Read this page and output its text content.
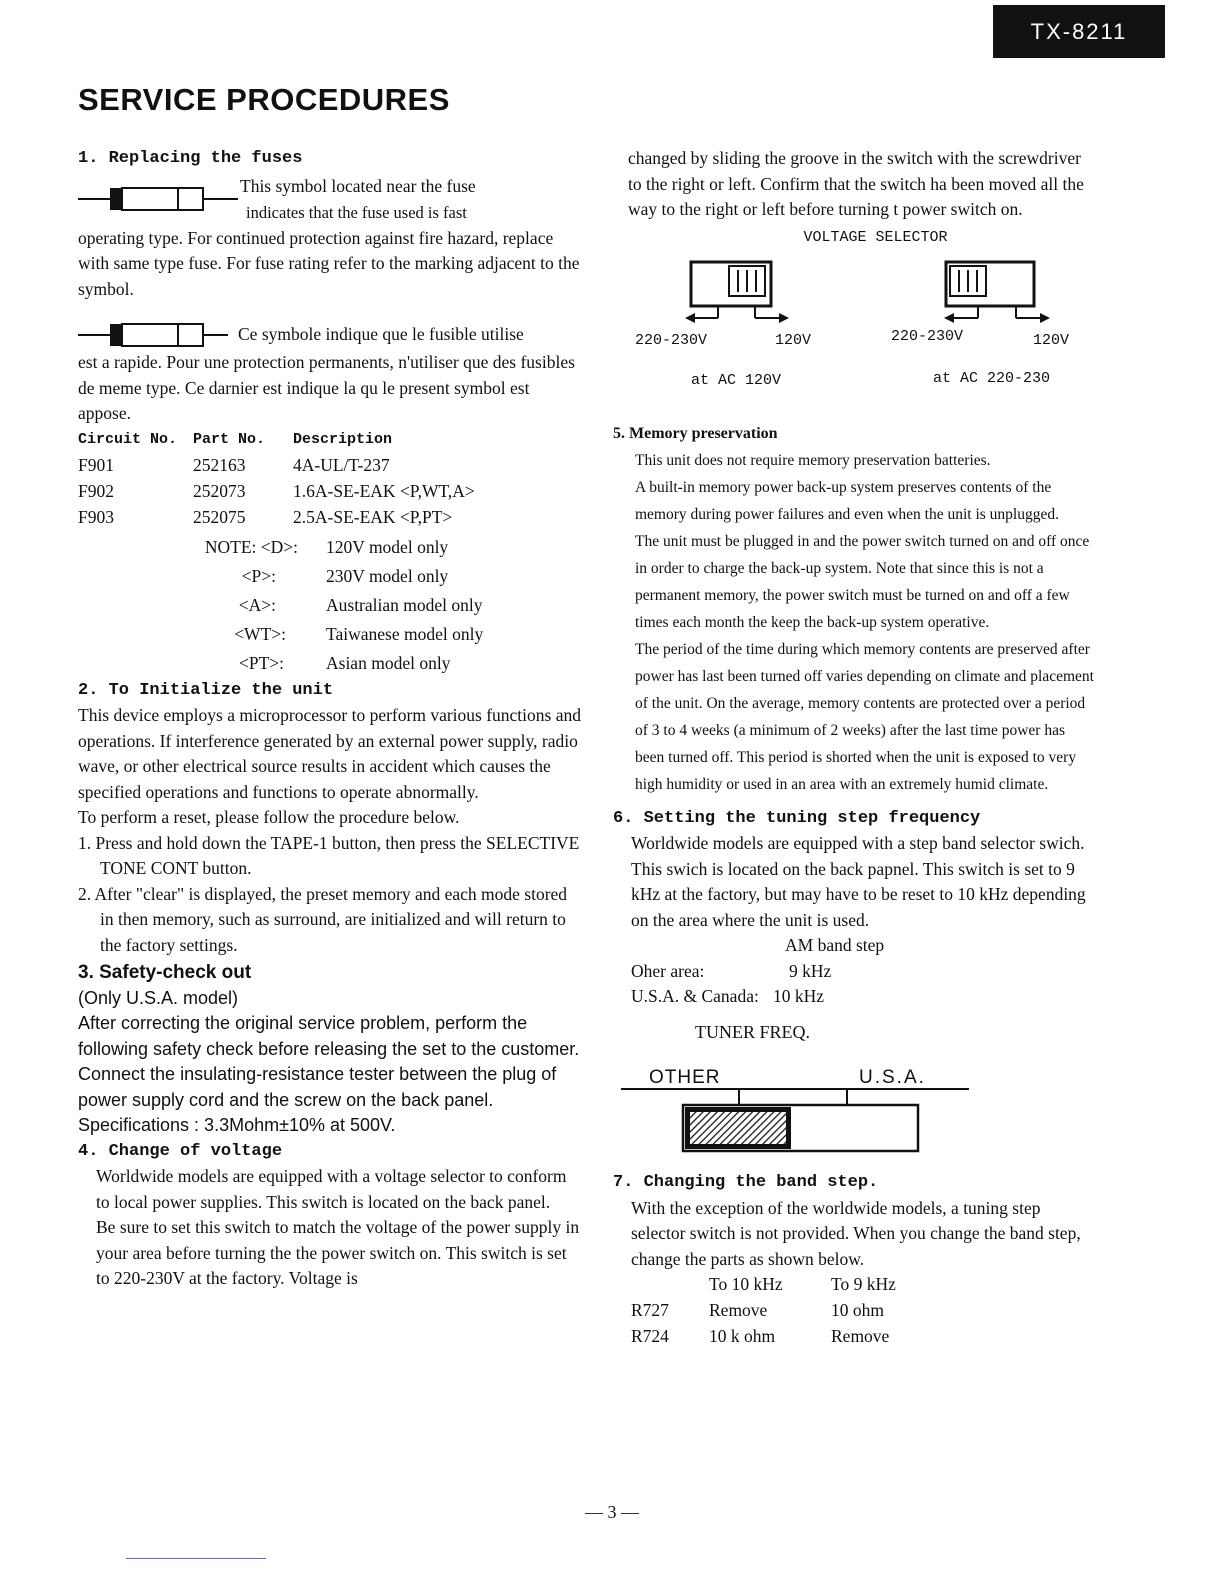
TX-8211
SERVICE PROCEDURES
1. Replacing the fuses
This symbol located near the fuse
indicates that the fuse used is fast

operating type. For continued protection against fire hazard, replace with same type fuse. For fuse rating refer to the marking adjacent to the symbol.

Ce symbole indique que le fusible utilise

est a rapide. Pour une protection permanents, n'utiliser que des fusibles de meme type. Ce darnier est indique la qu le present symbol est appose.

Circuit No.	Part No.	Description
F901	252163	4A-UL/T-237
F902	252073	1.6A-SE-EAK <P,WT,A>
F903	252075	2.5A-SE-EAK <P,PT>
NOTE: <D>:	120V model only
<P>:	230V model only
<A>:	Australian model only
<WT>:	Taiwanese model only
<PT>:	Asian model only
2. To Initialize the unit

This device employs a microprocessor to perform various functions and operations. If interference generated by an external power supply, radio wave, or other electrical source results in accident which causes the specified operations and functions to operate abnormally.

To perform a reset, please follow the procedure below.

1. Press and hold down the TAPE-1 button, then press the SELECTIVE TONE CONT button.

2. After "clear" is displayed, the preset memory and each mode stored in then memory, such as surround, are initialized and will return to the factory settings.

3. Safety-check out

(Only U.S.A. model)

After correcting the original service problem, perform the following safety check before releasing the set to the customer.

Connect the insulating-resistance tester between the plug of power supply cord and the screw on the back panel.

Specifications : 3.3Mohm±10% at 500V.

4. Change of voltage

Worldwide models are equipped with a voltage selector to conform to local power supplies. This switch is located on the back panel.

Be sure to set this switch to match the voltage of the power supply in your area before turning the the power switch on. This switch is set to 220-230V at the factory. Voltage is

changed by sliding the groove in the switch with the screwdriver to the right or left. Confirm that the switch ha been moved all the way to the right or left before turning t power switch on.

VOLTAGE SELECTOR
220-230V	120V	220-230V	120V
at AC 120V	at AC 220-230
5. Memory preservation

This unit does not require memory preservation batteries.

A built-in memory power back-up system preserves contents of the memory during power failures and even when the unit is unplugged.

The unit must be plugged in and the power switch turned on and off once in order to charge the back-up system. Note that since this is not a permanent memory, the power switch must be turned on and off a few times each month the keep the back-up system operative.

The period of the time during which memory contents are preserved after power has last been turned off varies depending on climate and placement of the unit. On the average, memory contents are protected over a period of 3 to 4 weeks (a minimum of 2 weeks) after the last time power has been turned off. This period is shorted when the unit is exposed to very high humidity or used in an area with an extremely humid climate.

6. Setting the tuning step frequency

Worldwide models are equipped with a step band selector swich. This swich is located on the back papnel. This switch is set to 9 kHz at the factory, but may have to be reset to 10 kHz depending on the area where the unit is used.

AM band step
Oher area:	9 kHz
U.S.A. & Canada: 10 kHz
TUNER FREQ.
OTHER	U.S.A.
7. Changing the band step.

With the exception of the worldwide models, a tuning step selector switch is not provided. When you change the band step, change the parts as shown below.

	To 10 kHz	To 9 kHz
R727	Remove	10 ohm
R724	10 k ohm	Remove
— 3 —
